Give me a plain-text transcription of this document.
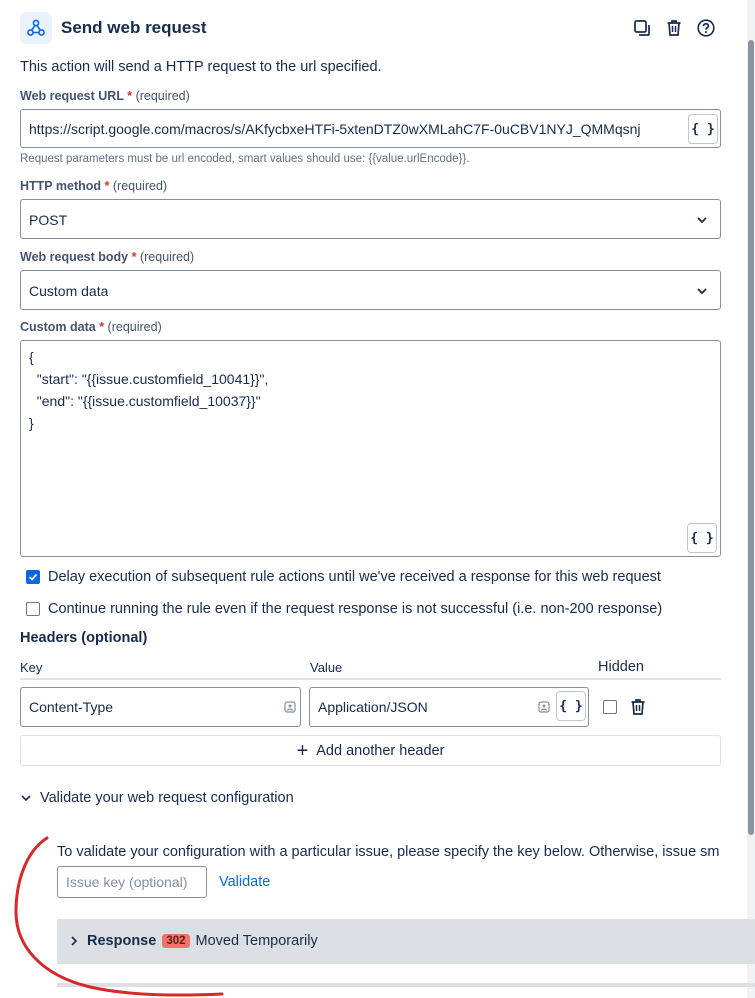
Send web request
This action will send a HTTP request to the url specified.
Web request URL * (required)
https://script.google.com/macros/s/AKfycbxeHTFi-5xtenDTZ0wXMLahC7F-0uCBV1NYJ_QMMqsnj	{ }
Request parameters must be url encoded, smart values should use: {{value.urlEncode}}.
HTTP method * (required)
POST
Web request body * (required)
Custom data
Custom data * (required)
{
"start": "{{issue.customfield_10041}}",
"end": "{{issue.customfield_10037}}"
}
{ }
Delay execution of subsequent rule actions until we've received a response for this web request
Continue running the rule even if the request response is not successful (i.e. non-200 response)
Headers (optional)
Key	Value	Hidden
Content-Type	Application/JSON	{ }
+ Add another header
Validate your web request configuration
To validate your configuration with a particular issue, please specify the key below. Otherwise, issue sm
Issue key (optional)
Validate
Response 302 Moved Temporarily
